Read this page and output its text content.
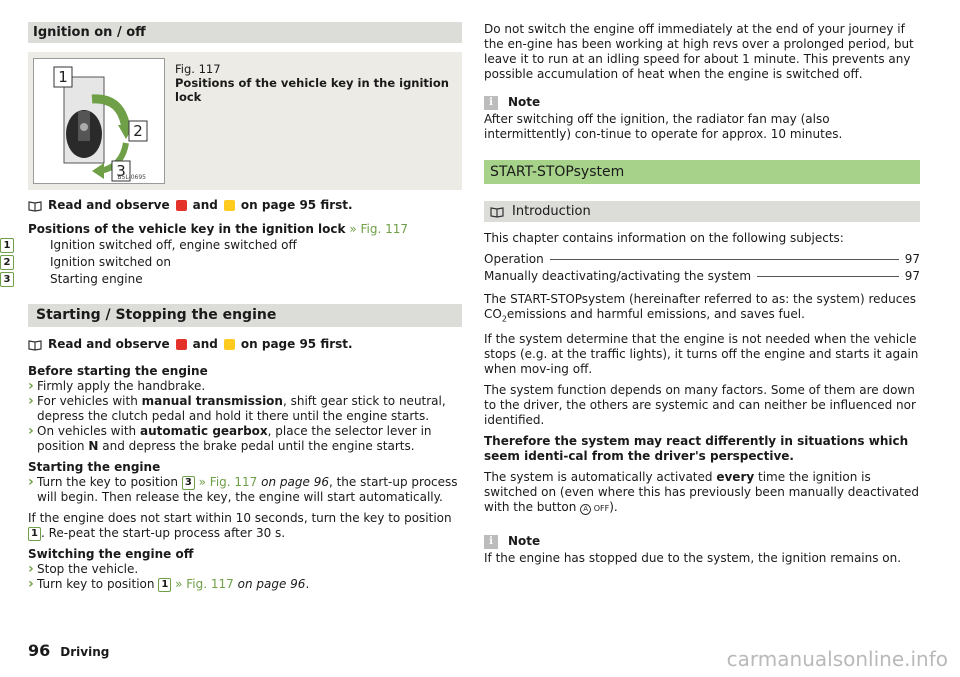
Ignition on / off
1
2
3
B5L-0695
Fig. 117
Positions of the vehicle key in the ignition lock
Read and observe and on page 95 first.

Positions of the vehicle key in the ignition lock » Fig. 117

1	Ignition switched off, engine switched off
2	Ignition switched on
3	Starting engine
Starting / Stopping the engine
Read and observe and on page 95 first.

Before starting the engine

› Firmly apply the handbrake.
› For vehicles with manual transmission, shift gear stick to neutral, depress the clutch pedal and hold it there until the engine starts.
› On vehicles with automatic gearbox, place the selector lever in position N and depress the brake pedal until the engine starts.

Starting the engine

› Turn the key to position 3 » Fig. 117 on page 96, the start-up process will begin. Then release the key, the engine will start automatically.

If the engine does not start within 10 seconds, turn the key to position 1 . Re-peat the start-up process after 30 s.

Switching the engine off

› Stop the vehicle.
› Turn key to position 1 » Fig. 117 on page 96.

Do not switch the engine off immediately at the end of your journey if the en-gine has been working at high revs over a prolonged period, but leave it to run at an idling speed for about 1 minute. This prevents any possible accumulation of heat when the engine is switched off.

i	Note

After switching off the ignition, the radiator fan may (also intermittently) con-tinue to operate for approx. 10 minutes.

START-STOPsystem
Introduction

This chapter contains information on the following subjects:

Operation	97
Manually deactivating/activating the system	97

The START-STOPsystem (hereinafter referred to as: the system) reduces $CO_2emissions$ and harmful emissions, and saves fuel.

If the system determine that the engine is not needed when the vehicle stops (e.g. at the traffic lights), it turns off the engine and starts it again when mov-ing off.

The system function depends on many factors. Some of them are down to the driver, the others are systemic and can neither be influenced nor identified.

Therefore the system may react differently in situations which seem identi-cal from the driver's perspective.

The system is automatically activated every time the ignition is switched on (even where this has previously been manually deactivated with the button A OFF).

i	Note

If the engine has stopped due to the system, the ignition remains on.

96 Driving	carmanualsonline.info
